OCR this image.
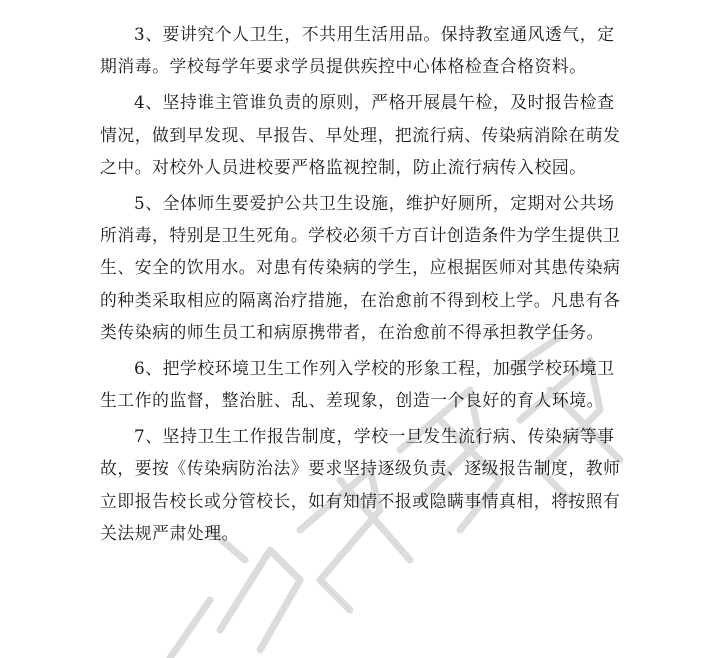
3、要讲究个人卫生，不共用生活用品。保持教室通风透气，定
期消毒。学校每学年要求学员提供疾控中心体格检查合格资料。
4、坚持谁主管谁负责的原则，严格开展晨午检，及时报告检查
情况，做到早发现、早报告、早处理，把流行病、传染病消除在萌发
之中。对校外人员进校要严格监视控制，防止流行病传入校园。
5、全体师生要爱护公共卫生设施，维护好厕所，定期对公共场
所消毒，特别是卫生死角。学校必须千方百计创造条件为学生提供卫
生、安全的饮用水。对患有传染病的学生，应根据医师对其患传染病
的种类采取相应的隔离治疗措施，在治愈前不得到校上学。凡患有各
类传染病的师生员工和病原携带者，在治愈前不得承担教学任务。
6、把学校环境卫生工作列入学校的形象工程，加强学校环境卫
生工作的监督，整治脏、乱、差现象，创造一个良好的育人环境。
7、坚持卫生工作报告制度，学校一旦发生流行病、传染病等事
故，要按《传染病防治法》要求坚持逐级负责、逐级报告制度，教师
立即报告校长或分管校长，如有知情不报或隐瞒事情真相，将按照有
关法规严肃处理。
